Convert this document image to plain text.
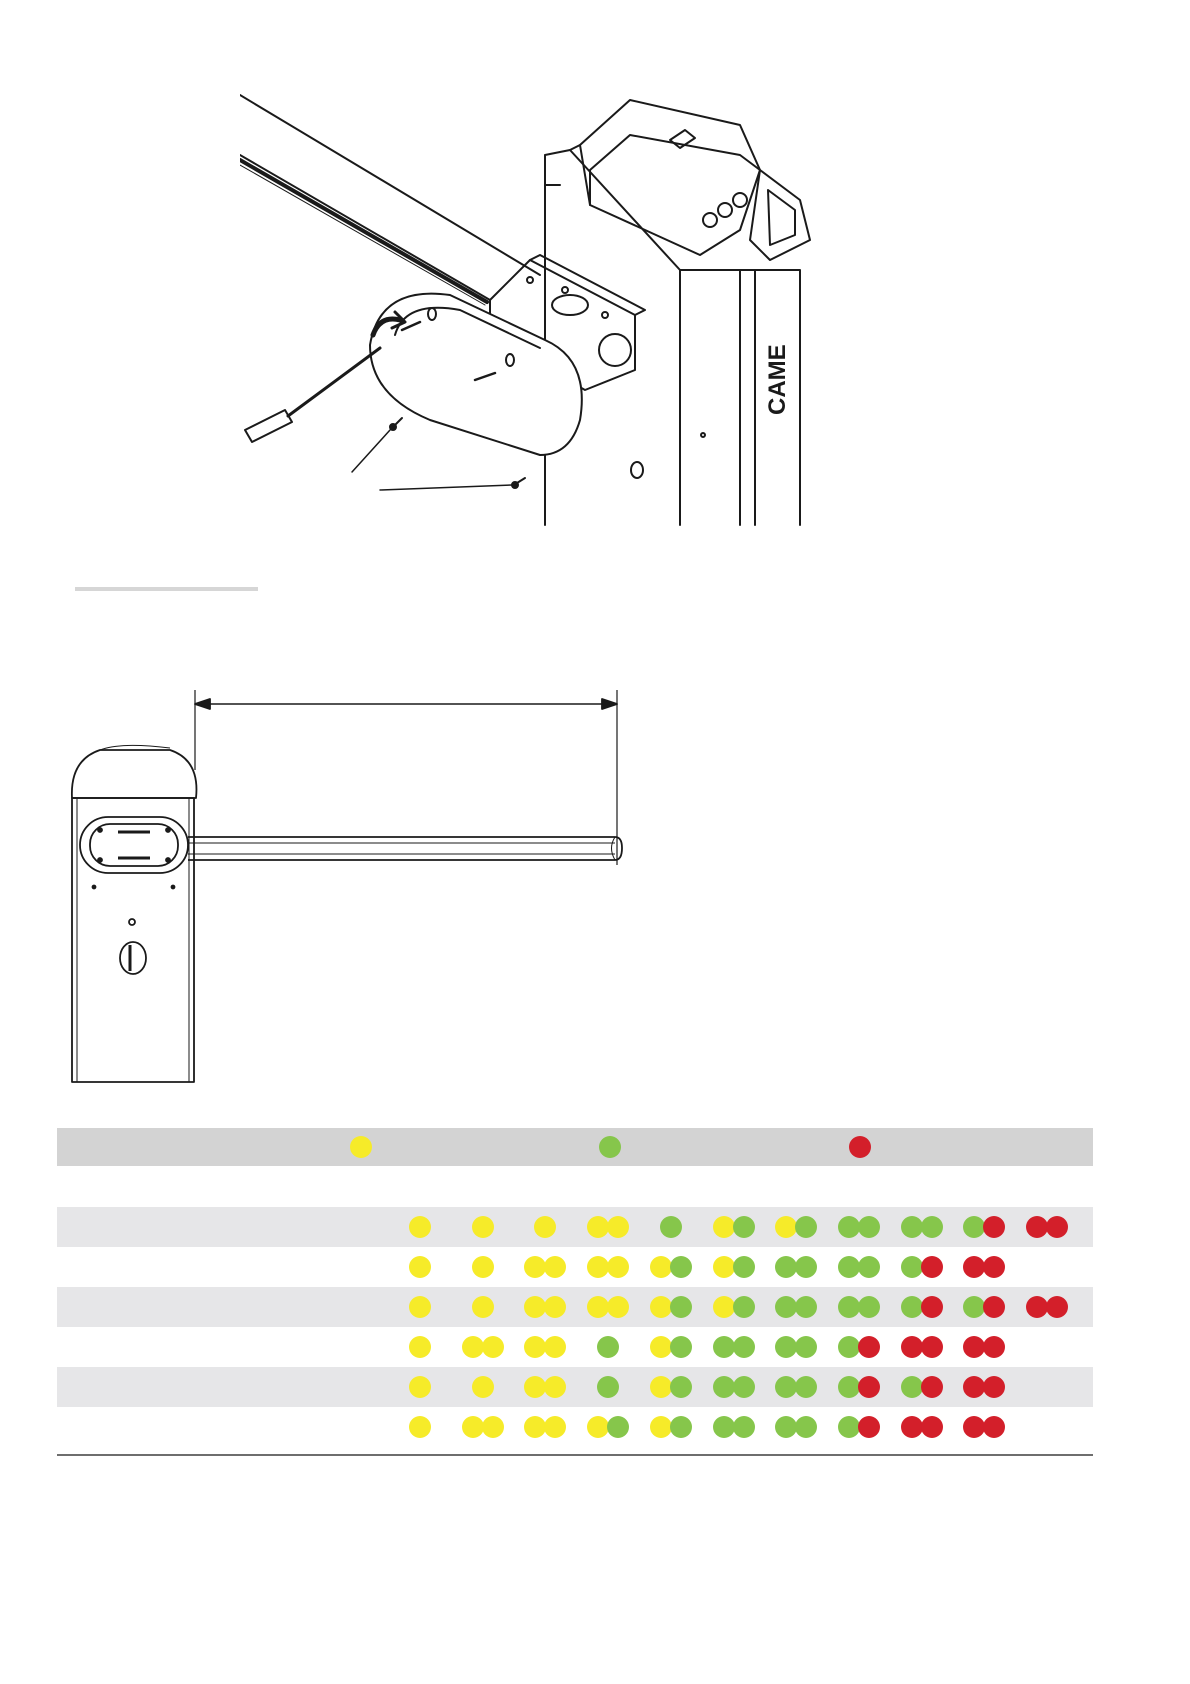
CAME
